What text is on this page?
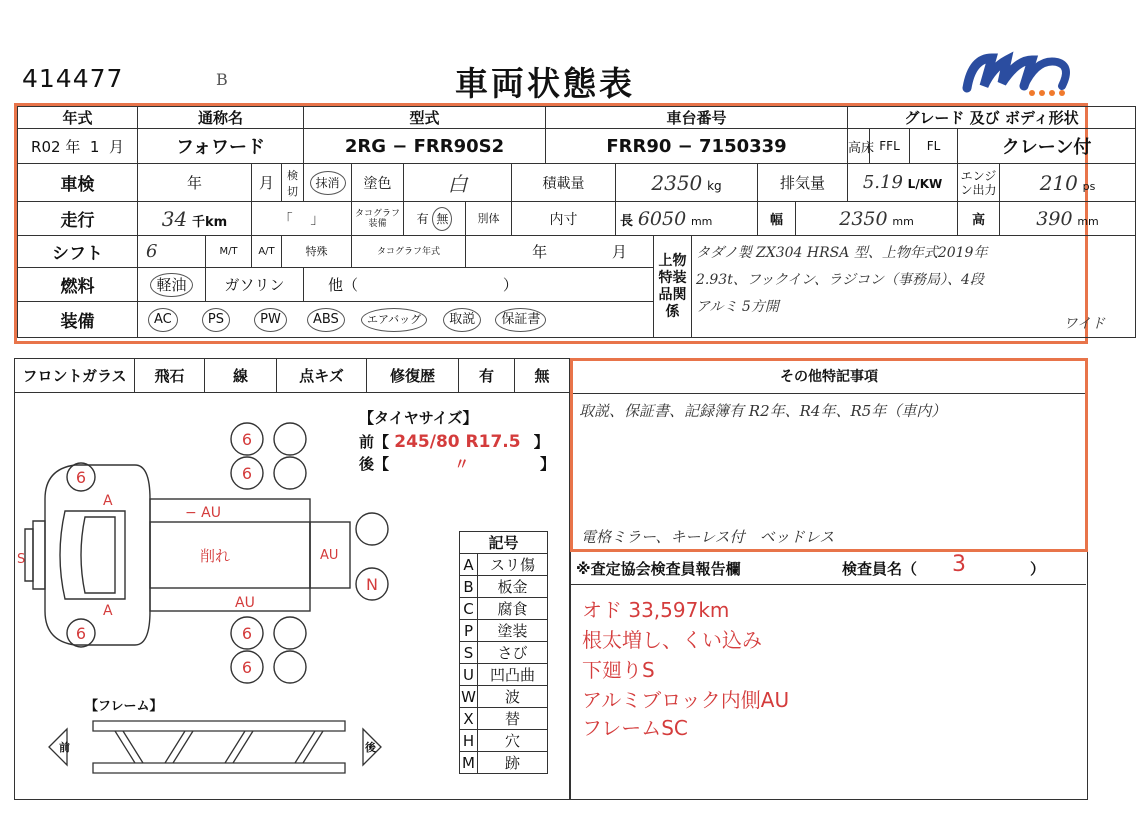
414477	B	車両状態表
年式	通称名				型式					車台番号						グレード 及び ボディ形状				
R02 年 1 月	フォワード				2RG − FRR90S2					FRR90 − 7150339						高床	FFL	FL	クレーン付	
車検	年		月	検切	抹消	塗色	白		積載量		2350 kg			排気量		5.19 L/KW			エンジン出力	210 ps
走行	34 千km		「 」			タコグラフ装備	有 無	別体	内寸		長 6050 mm			幅	2350 mm				高	390 mm
シフト	6	M/T	A/T	特殊		タコグラフ年式		年 月				上物特装品関係	タダノ製 ZX304 HRSA 型、上物年式2019年
2.93t、フックイン、ラジコン（事務局）、4段
アルミ 5方開
ワイド							

燃料	軽油	ガソリン			他（ ）															
装備	AC PS PW ABS エアバッグ 取説 保証書																			
フロントガラス	飛石	線	点キズ	修復歴	有	無
【タイヤサイズ】
前【 245/80 R17.5 】
後【	〃	】
6
6
6
6
6
6
N
A
A
S
− AU
削れ	AU
AU
【フレーム】
前	後
記号	
A	スリ傷
B	板金
C	腐食
P	塗装
S	さび
U	凹凸曲
W	波
X	替
H	穴
M	跡
その他特記事項
取説、保証書、記録簿有 R2年、R4年、R5年（車内）
電格ミラー、キーレス付　ベッドレス
※査定協会検査員報告欄	検査員名（ 3	）
オド 33,597km
根太増し、くい込み
下廻りS
アルミブロック内側AU
フレームSC
